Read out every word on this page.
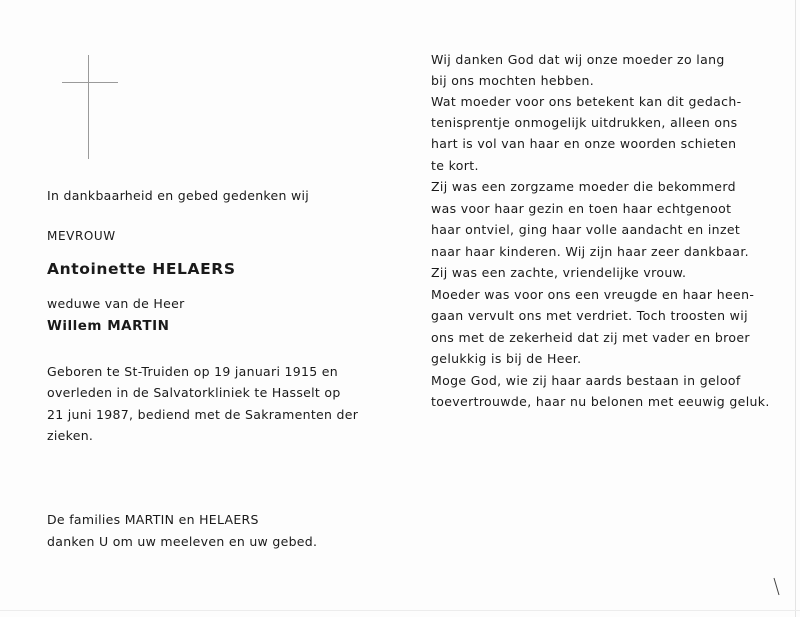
In dankbaarheid en gebed gedenken wij
MEVROUW
Antoinette HELAERS
weduwe van de Heer
Willem MARTIN
Geboren te St-Truiden op 19 januari 1915 en
overleden in de Salvatorkliniek te Hasselt op
21 juni 1987, bediend met de Sakramenten der
zieken.
De families MARTIN en HELAERS
danken U om uw meeleven en uw gebed.
Wij danken God dat wij onze moeder zo lang
bij ons mochten hebben.
Wat moeder voor ons betekent kan dit gedach-
tenisprentje onmogelijk uitdrukken, alleen ons
hart is vol van haar en onze woorden schieten
te kort.
Zij was een zorgzame moeder die bekommerd
was voor haar gezin en toen haar echtgenoot
haar ontviel, ging haar volle aandacht en inzet
naar haar kinderen. Wij zijn haar zeer dankbaar.
Zij was een zachte, vriendelijke vrouw.
Moeder was voor ons een vreugde en haar heen-
gaan vervult ons met verdriet. Toch troosten wij
ons met de zekerheid dat zij met vader en broer
gelukkig is bij de Heer.
Moge God, wie zij haar aards bestaan in geloof
toevertrouwde, haar nu belonen met eeuwig geluk.
